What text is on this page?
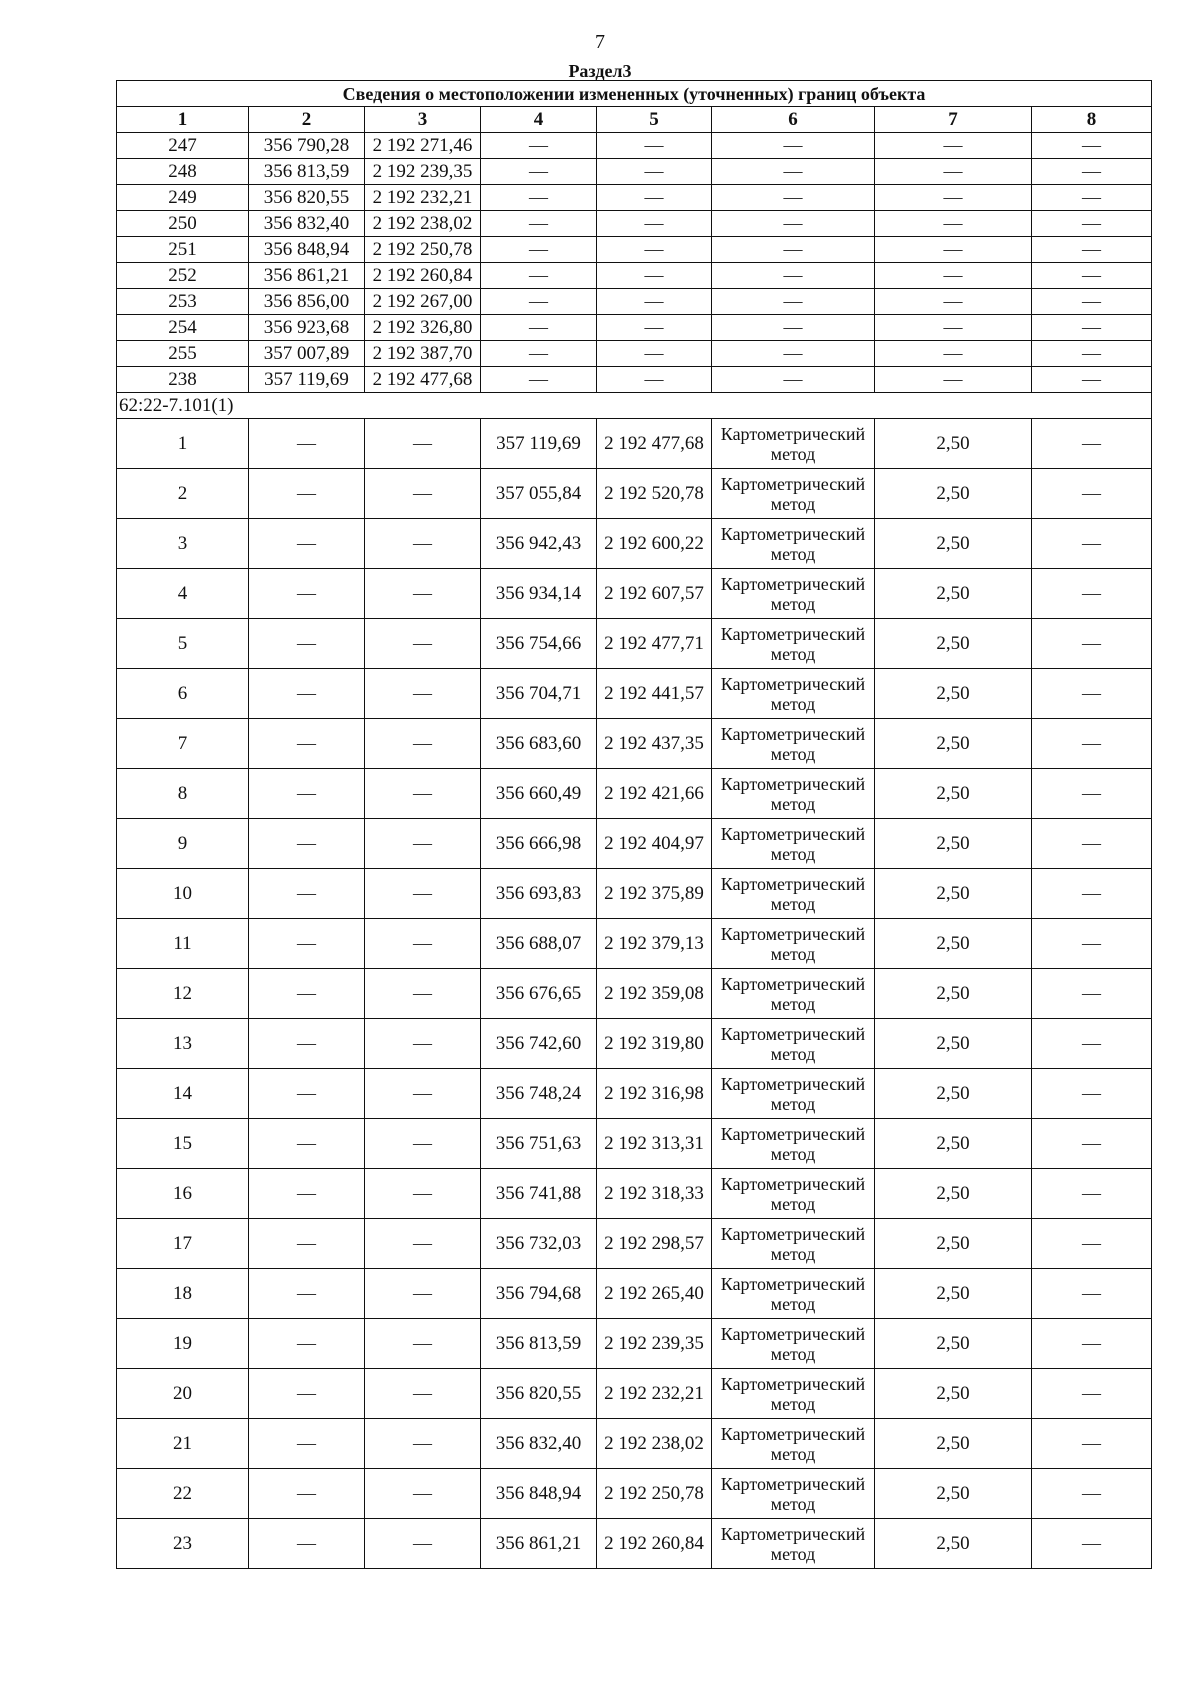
7
Раздел3
Сведения о местоположении измененных (уточненных) границ объекта							
1	2	3	4	5	6	7	8
247	356 790,28	2 192 271,46	—	—	—	—	—
248	356 813,59	2 192 239,35	—	—	—	—	—
249	356 820,55	2 192 232,21	—	—	—	—	—
250	356 832,40	2 192 238,02	—	—	—	—	—
251	356 848,94	2 192 250,78	—	—	—	—	—
252	356 861,21	2 192 260,84	—	—	—	—	—
253	356 856,00	2 192 267,00	—	—	—	—	—
254	356 923,68	2 192 326,80	—	—	—	—	—
255	357 007,89	2 192 387,70	—	—	—	—	—
238	357 119,69	2 192 477,68	—	—	—	—	—
62:22-7.101(1)							
1	—	—	357 119,69	2 192 477,68	Картометрический метод	2,50	—
2	—	—	357 055,84	2 192 520,78	Картометрический метод	2,50	—
3	—	—	356 942,43	2 192 600,22	Картометрический метод	2,50	—
4	—	—	356 934,14	2 192 607,57	Картометрический метод	2,50	—
5	—	—	356 754,66	2 192 477,71	Картометрический метод	2,50	—
6	—	—	356 704,71	2 192 441,57	Картометрический метод	2,50	—
7	—	—	356 683,60	2 192 437,35	Картометрический метод	2,50	—
8	—	—	356 660,49	2 192 421,66	Картометрический метод	2,50	—
9	—	—	356 666,98	2 192 404,97	Картометрический метод	2,50	—
10	—	—	356 693,83	2 192 375,89	Картометрический метод	2,50	—
11	—	—	356 688,07	2 192 379,13	Картометрический метод	2,50	—
12	—	—	356 676,65	2 192 359,08	Картометрический метод	2,50	—
13	—	—	356 742,60	2 192 319,80	Картометрический метод	2,50	—
14	—	—	356 748,24	2 192 316,98	Картометрический метод	2,50	—
15	—	—	356 751,63	2 192 313,31	Картометрический метод	2,50	—
16	—	—	356 741,88	2 192 318,33	Картометрический метод	2,50	—
17	—	—	356 732,03	2 192 298,57	Картометрический метод	2,50	—
18	—	—	356 794,68	2 192 265,40	Картометрический метод	2,50	—
19	—	—	356 813,59	2 192 239,35	Картометрический метод	2,50	—
20	—	—	356 820,55	2 192 232,21	Картометрический метод	2,50	—
21	—	—	356 832,40	2 192 238,02	Картометрический метод	2,50	—
22	—	—	356 848,94	2 192 250,78	Картометрический метод	2,50	—
23	—	—	356 861,21	2 192 260,84	Картометрический метод	2,50	—
